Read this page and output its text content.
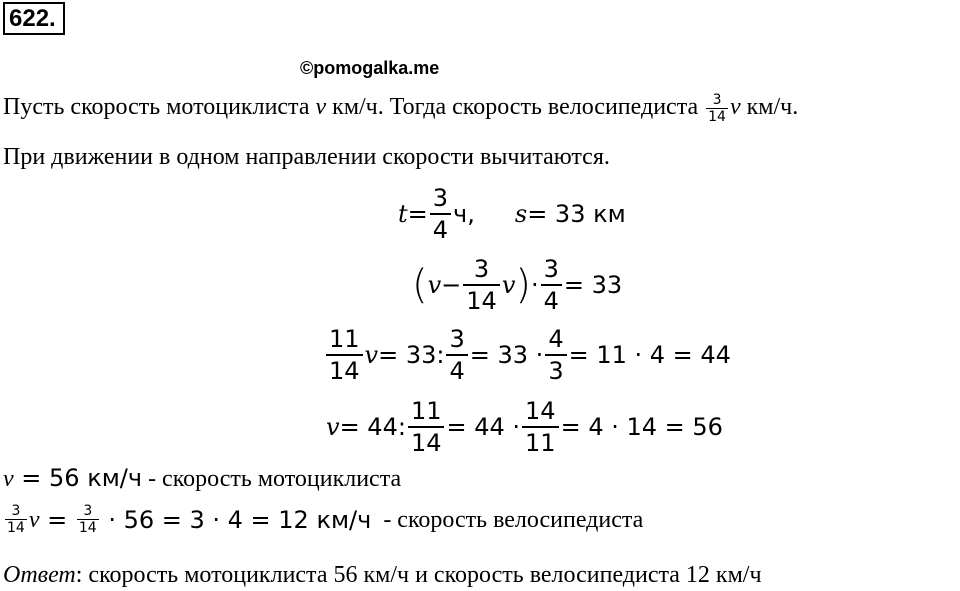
622.
©pomogalka.me
Пусть скорость мотоциклиста v км/ч. Тогда скорость велосипедиста $\frac{3}{14}$ v км/ч.
При движении в одном направлении скорости вычитаются.
$t = \frac{3}{4} ч$, s = 33 км
( $v - \frac{3}{14}$ v ) · $\frac{3}{4} = 33$
$\frac{11}{14}$ v = 33: $\frac{3}{4} = 33 \cdot \frac{4}{3} = 11 \cdot 4 = 44$
v = 44: $\frac{11}{14} = 44 \cdot \frac{14}{11} = 4 \cdot 14 = 56$
v = 56 км/ч - скорость мотоциклиста
$\frac{3}{14}$ $v = \frac{3}{14} \cdot 56 = 3 \cdot 4 = 12$ км/ч - скорость велосипедиста
Ответ: скорость мотоциклиста 56 км/ч и скорость велосипедиста 12 км/ч
